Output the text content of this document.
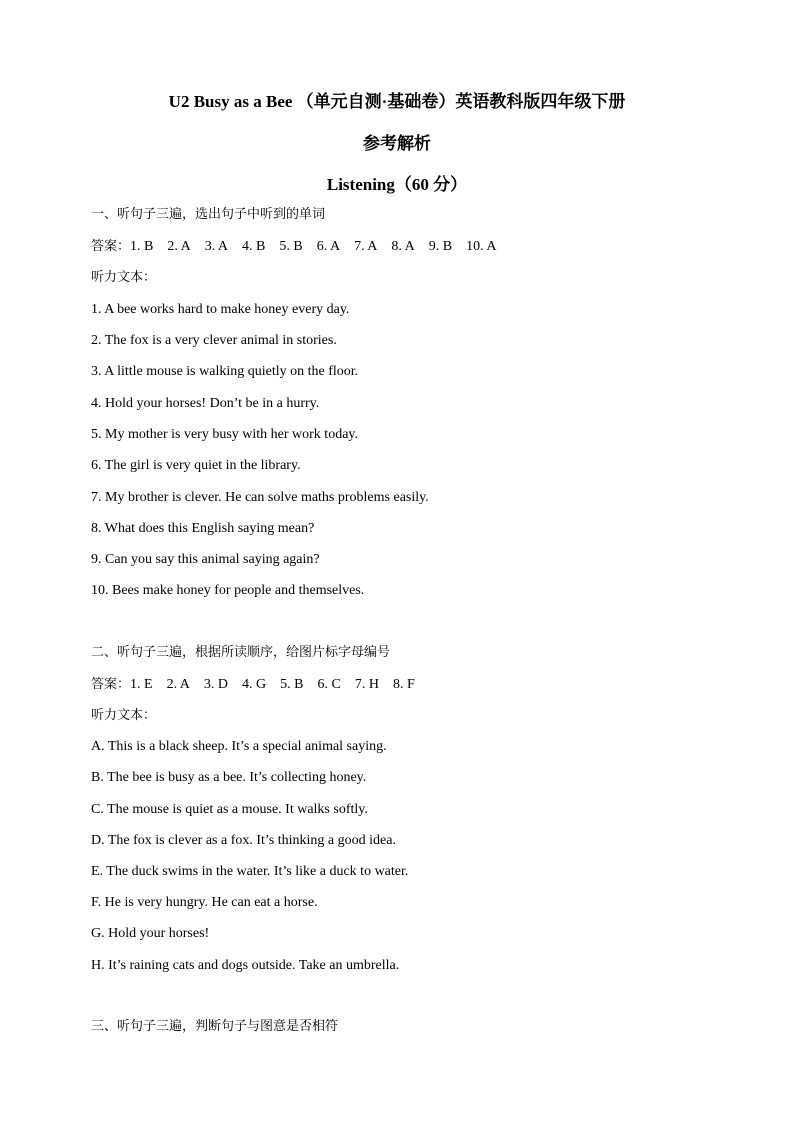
U2 Busy as a Bee （单元自测·基础卷）英语教科版四年级下册
参考解析
Listening（60 分）
一、听句子三遍，选出句子中听到的单词
答案：1. B 2. A 3. A 4. B 5. B 6. A 7. A 8. A 9. B 10. A
听力文本：
1. A bee works hard to make honey every day.
2. The fox is a very clever animal in stories.
3. A little mouse is walking quietly on the floor.
4. Hold your horses! Don’t be in a hurry.
5. My mother is very busy with her work today.
6. The girl is very quiet in the library.
7. My brother is clever. He can solve maths problems easily.
8. What does this English saying mean?
9. Can you say this animal saying again?
10. Bees make honey for people and themselves.
二、听句子三遍，根据所读顺序，给图片标字母编号
答案：1. E 2. A 3. D 4. G 5. B 6. C 7. H 8. F
听力文本：
A. This is a black sheep. It’s a special animal saying.
B. The bee is busy as a bee. It’s collecting honey.
C. The mouse is quiet as a mouse. It walks softly.
D. The fox is clever as a fox. It’s thinking a good idea.
E. The duck swims in the water. It’s like a duck to water.
F. He is very hungry. He can eat a horse.
G. Hold your horses!
H. It’s raining cats and dogs outside. Take an umbrella.
三、听句子三遍，判断句子与图意是否相符
